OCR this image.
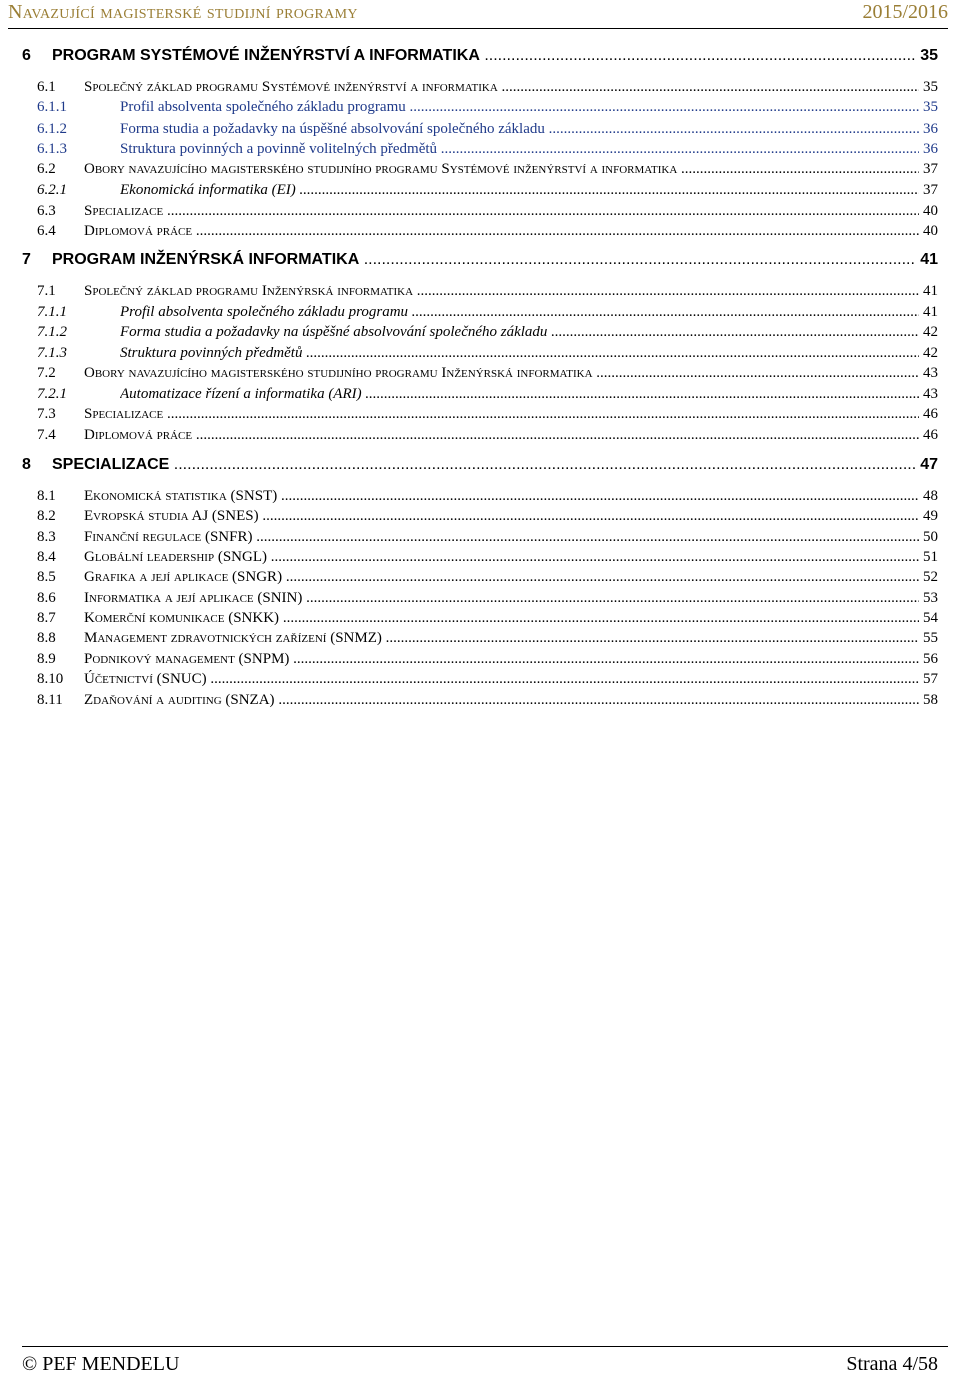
Navazující magisterské studijní programy	2015/2016
6 PROGRAM SYSTÉMOVÉ INŽENÝRSTVÍ A INFORMATIKA .....	35
6.1 Společný základ programu Systémové inženýrství a informatika .....	35
6.1.1	Profil absolventa společného základu programu .....	35
6.1.2	Forma studia a požadavky na úspěšné absolvování společného základu .....	36
6.1.3	Struktura povinných a povinně volitelných předmětů .....	36
6.2 Obory navazujícího magisterského studijního programu Systémové inženýrství a informatika .....	37
6.2.1	Ekonomická informatika (EI) .....	37
6.3 Specializace .....	40
6.4 Diplomová práce .....	40
7 PROGRAM INŽENÝRSKÁ INFORMATIKA .....	41
7.1 Společný základ programu Inženýrská informatika .....	41
7.1.1	Profil absolventa společného základu programu .....	41
7.1.2	Forma studia a požadavky na úspěšné absolvování společného základu .....	42
7.1.3	Struktura povinných předmětů .....	42
7.2 Obory navazujícího magisterského studijního programu Inženýrská informatika .....	43
7.2.1	Automatizace řízení a informatika (ARI) .....	43
7.3 Specializace .....	46
7.4 Diplomová práce .....	46
8 SPECIALIZACE .....	47
8.1 Ekonomická statistika (SNST) .....	48
8.2 Evropská studia AJ (SNES) .....	49
8.3 Finanční regulace (SNFR) .....	50
8.4 Globální leadership (SNGL) .....	51
8.5 Grafika a její aplikace (SNGR) .....	52
8.6 Informatika a její aplikace (SNIN) .....	53
8.7 Komerční komunikace (SNKK) .....	54
8.8 Management zdravotnických zařízení (SNMZ) .....	55
8.9 Podnikový management (SNPM) .....	56
8.10 Účetnictví (SNUC) .....	57
8.11 Zdaňování a auditing (SNZA) .....	58
© PEF MENDELU	Strana 4/58
